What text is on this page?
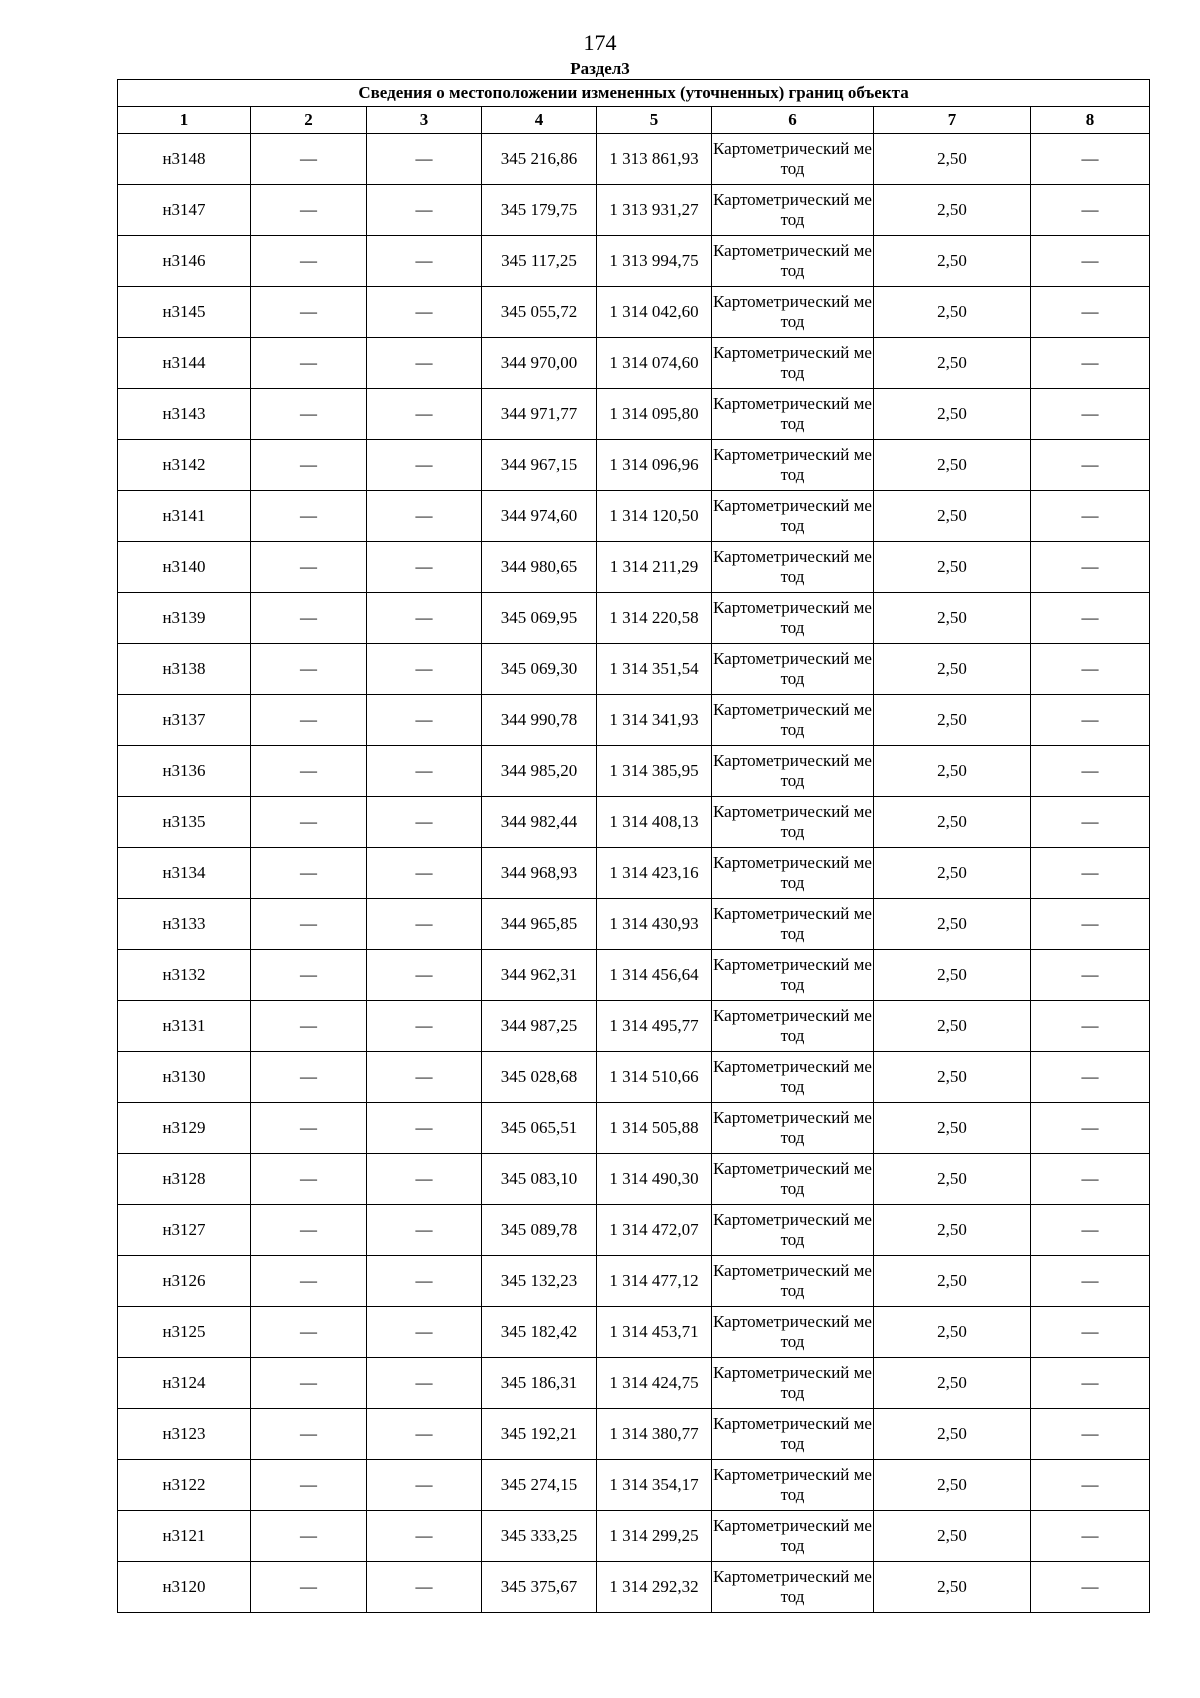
174
Раздел3
Сведения о местоположении измененных (уточненных) границ объекта							
1	2	3	4	5	6	7	8
н3148	—	—	345 216,86	1 313 861,93	Картометрический метод	2,50	—
н3147	—	—	345 179,75	1 313 931,27	Картометрический метод	2,50	—
н3146	—	—	345 117,25	1 313 994,75	Картометрический метод	2,50	—
н3145	—	—	345 055,72	1 314 042,60	Картометрический метод	2,50	—
н3144	—	—	344 970,00	1 314 074,60	Картометрический метод	2,50	—
н3143	—	—	344 971,77	1 314 095,80	Картометрический метод	2,50	—
н3142	—	—	344 967,15	1 314 096,96	Картометрический метод	2,50	—
н3141	—	—	344 974,60	1 314 120,50	Картометрический метод	2,50	—
н3140	—	—	344 980,65	1 314 211,29	Картометрический метод	2,50	—
н3139	—	—	345 069,95	1 314 220,58	Картометрический метод	2,50	—
н3138	—	—	345 069,30	1 314 351,54	Картометрический метод	2,50	—
н3137	—	—	344 990,78	1 314 341,93	Картометрический метод	2,50	—
н3136	—	—	344 985,20	1 314 385,95	Картометрический метод	2,50	—
н3135	—	—	344 982,44	1 314 408,13	Картометрический метод	2,50	—
н3134	—	—	344 968,93	1 314 423,16	Картометрический метод	2,50	—
н3133	—	—	344 965,85	1 314 430,93	Картометрический метод	2,50	—
н3132	—	—	344 962,31	1 314 456,64	Картометрический метод	2,50	—
н3131	—	—	344 987,25	1 314 495,77	Картометрический метод	2,50	—
н3130	—	—	345 028,68	1 314 510,66	Картометрический метод	2,50	—
н3129	—	—	345 065,51	1 314 505,88	Картометрический метод	2,50	—
н3128	—	—	345 083,10	1 314 490,30	Картометрический метод	2,50	—
н3127	—	—	345 089,78	1 314 472,07	Картометрический метод	2,50	—
н3126	—	—	345 132,23	1 314 477,12	Картометрический метод	2,50	—
н3125	—	—	345 182,42	1 314 453,71	Картометрический метод	2,50	—
н3124	—	—	345 186,31	1 314 424,75	Картометрический метод	2,50	—
н3123	—	—	345 192,21	1 314 380,77	Картометрический метод	2,50	—
н3122	—	—	345 274,15	1 314 354,17	Картометрический метод	2,50	—
н3121	—	—	345 333,25	1 314 299,25	Картометрический метод	2,50	—
н3120	—	—	345 375,67	1 314 292,32	Картометрический метод	2,50	—
